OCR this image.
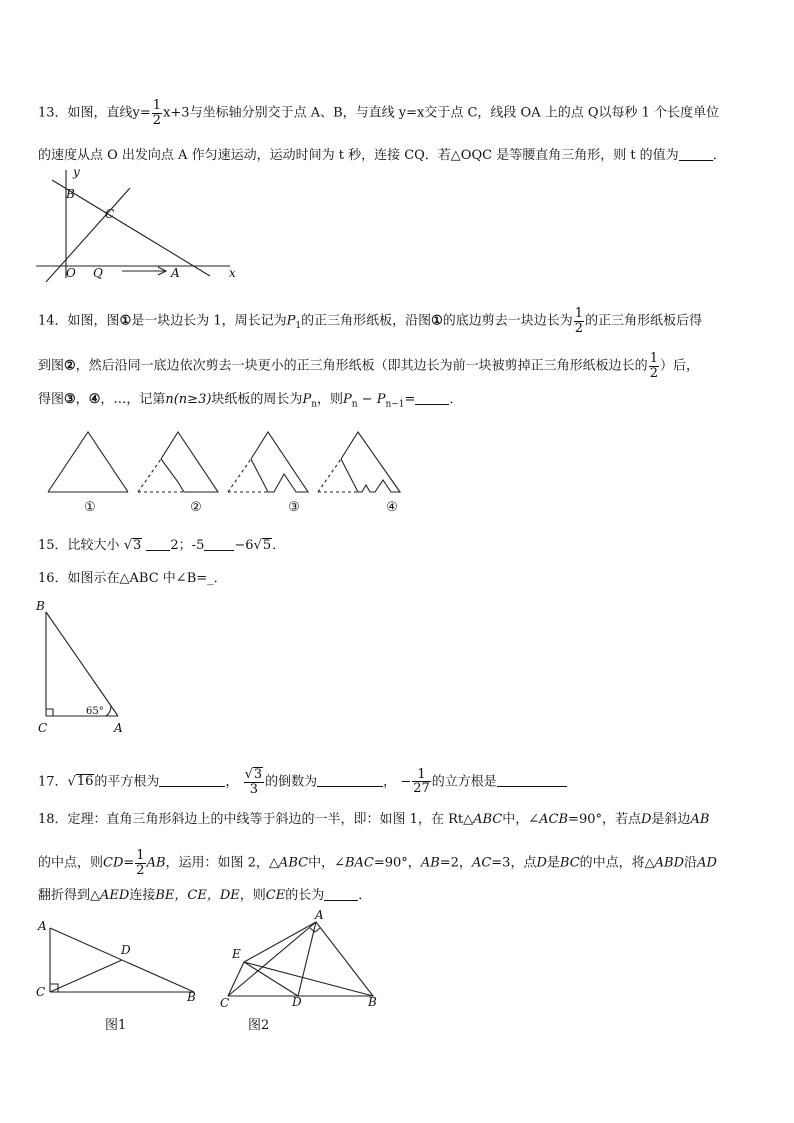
13．如图，直线$y= \frac{1}{2} x+3$与坐标轴分别交于点 A、B，与直线 y=x交于点 C，线段 OA 上的点 Q以每秒 1 个长度单位
的速度从点 O 出发向点 A 作匀速运动，运动时间为 t 秒，连接 CQ．若△OQC 是等腰直角三角形，则 t 的值为	．
y
x
B
C
O Q	A
14．如图，图①是一块边长为 1，周长记为$P_1$的正三角形纸板，沿图①的底边剪去一块边长为 $\frac{1}{2}$ 的正三角形纸板后得
到图②，然后沿同一底边依次剪去一块更小的正三角形纸板（即其边长为前一块被剪掉正三角形纸板边长的 $\frac{1}{2}$ ）后，
得图③，④，…，记第n(n≥3)块纸板的周长为$P_n$，则$P_n - P_{n-1}=$	．
①	②	③	④
15．比较大小 √3 2；-5 −6√5．
16．如图示在△ABC 中∠B=_．
B
C	A
65°
17．√16的平方根为	， $\frac{√3}{3}$ 的倒数为	， − $\frac{1}{27}$ 的立方根是
18．定理：直角三角形斜边上的中线等于斜边的一半，即：如图 1，在 Rt△ABC中，∠ACB=90°，若点D是斜边AB
的中点，则$CD= \frac{1}{2}$ AB，运用：如图 2，△ABC中，∠BAC=90°，AB=2，AC=3，点D是BC的中点，将△ABD沿AD
翻折得到△AED连接BE，CE，DE，则CE的长为	．
A
C	B
D
图1
A
E
C	D	B
图2
